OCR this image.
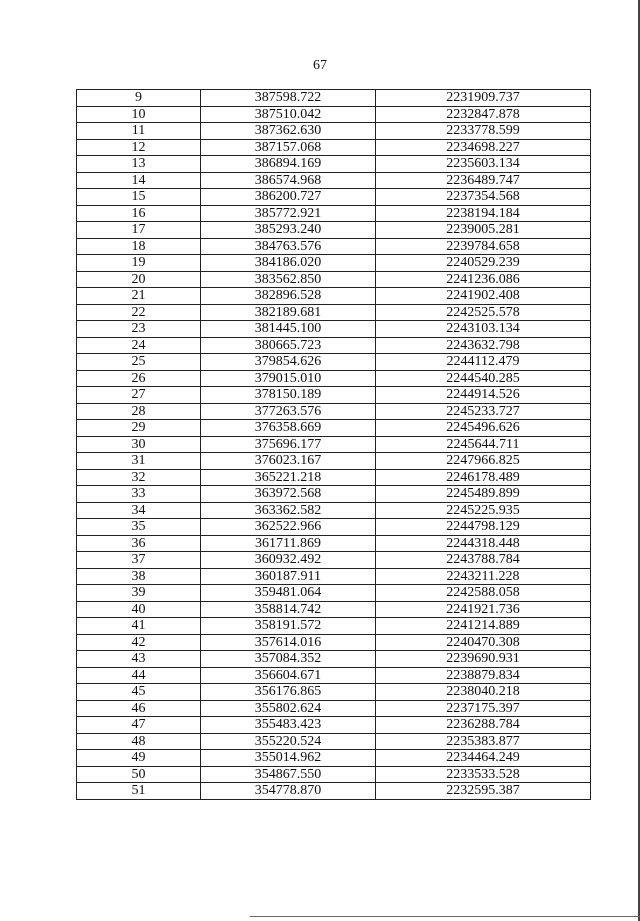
67
9	387598.722	2231909.737
10	387510.042	2232847.878
11	387362.630	2233778.599
12	387157.068	2234698.227
13	386894.169	2235603.134
14	386574.968	2236489.747
15	386200.727	2237354.568
16	385772.921	2238194.184
17	385293.240	2239005.281
18	384763.576	2239784.658
19	384186.020	2240529.239
20	383562.850	2241236.086
21	382896.528	2241902.408
22	382189.681	2242525.578
23	381445.100	2243103.134
24	380665.723	2243632.798
25	379854.626	2244112.479
26	379015.010	2244540.285
27	378150.189	2244914.526
28	377263.576	2245233.727
29	376358.669	2245496.626
30	375696.177	2245644.711
31	376023.167	2247966.825
32	365221.218	2246178.489
33	363972.568	2245489.899
34	363362.582	2245225.935
35	362522.966	2244798.129
36	361711.869	2244318.448
37	360932.492	2243788.784
38	360187.911	2243211.228
39	359481.064	2242588.058
40	358814.742	2241921.736
41	358191.572	2241214.889
42	357614.016	2240470.308
43	357084.352	2239690.931
44	356604.671	2238879.834
45	356176.865	2238040.218
46	355802.624	2237175.397
47	355483.423	2236288.784
48	355220.524	2235383.877
49	355014.962	2234464.249
50	354867.550	2233533.528
51	354778.870	2232595.387
